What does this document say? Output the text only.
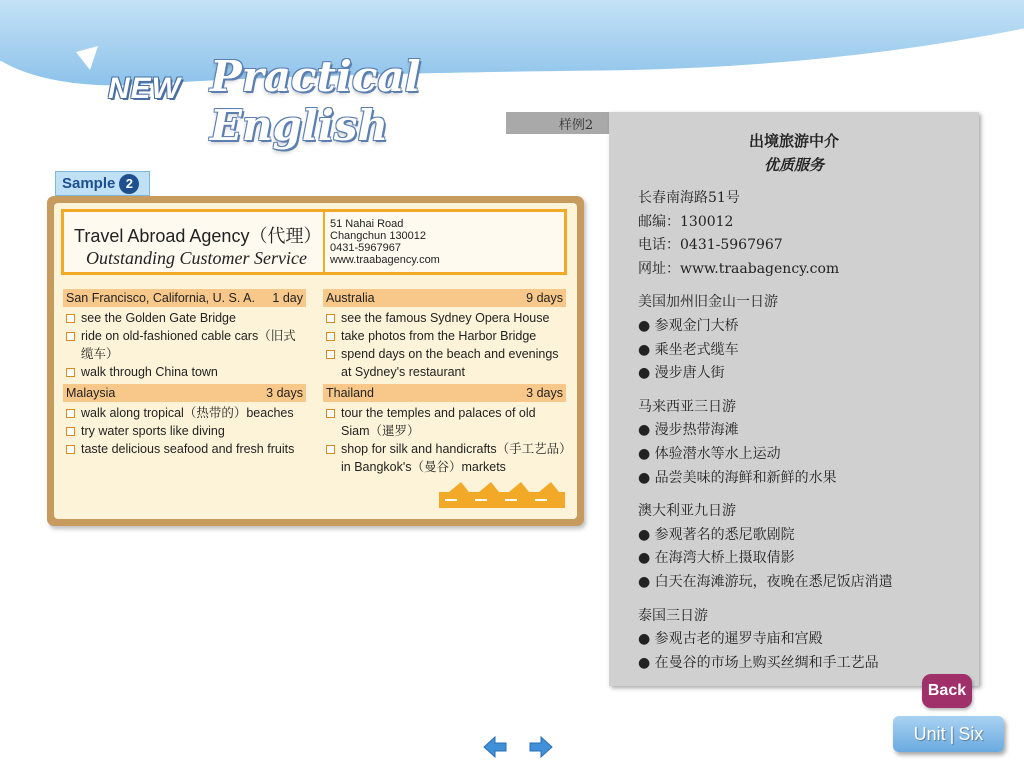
NEW Practical English
Sample 2
Travel Abroad Agency（代理）
Outstanding Customer Service
51 Nahai Road
Changchun 130012
0431-5967967
www.traabagency.com
San Francisco, California, U. S. A.	1 day
see the Golden Gate Bridge
ride on old-fashioned cable cars（旧式缆车）
walk through China town
Malaysia	3 days
walk along tropical（热带的）beaches
try water sports like diving
taste delicious seafood and fresh fruits
Australia	9 days
see the famous Sydney Opera House
take photos from the Harbor Bridge
spend days on the beach and evenings at Sydney's restaurant
Thailand	3 days
tour the temples and palaces of old Siam（暹罗）
shop for silk and handicrafts（手工艺品）in Bangkok's（曼谷）markets
样例2
出境旅游中介
优质服务
长春南海路51号
邮编：130012
电话：0431-5967967
网址：www.traabagency.com
美国加州旧金山一日游
● 参观金门大桥
● 乘坐老式缆车
● 漫步唐人街
马来西亚三日游
● 漫步热带海滩
● 体验潜水等水上运动
● 品尝美味的海鲜和新鲜的水果
澳大利亚九日游
● 参观著名的悉尼歌剧院
● 在海湾大桥上摄取倩影
● 白天在海滩游玩，夜晚在悉尼饭店消遣
泰国三日游
● 参观古老的暹罗寺庙和宫殿
● 在曼谷的市场上购买丝绸和手工艺品
Back
Unit | Six
